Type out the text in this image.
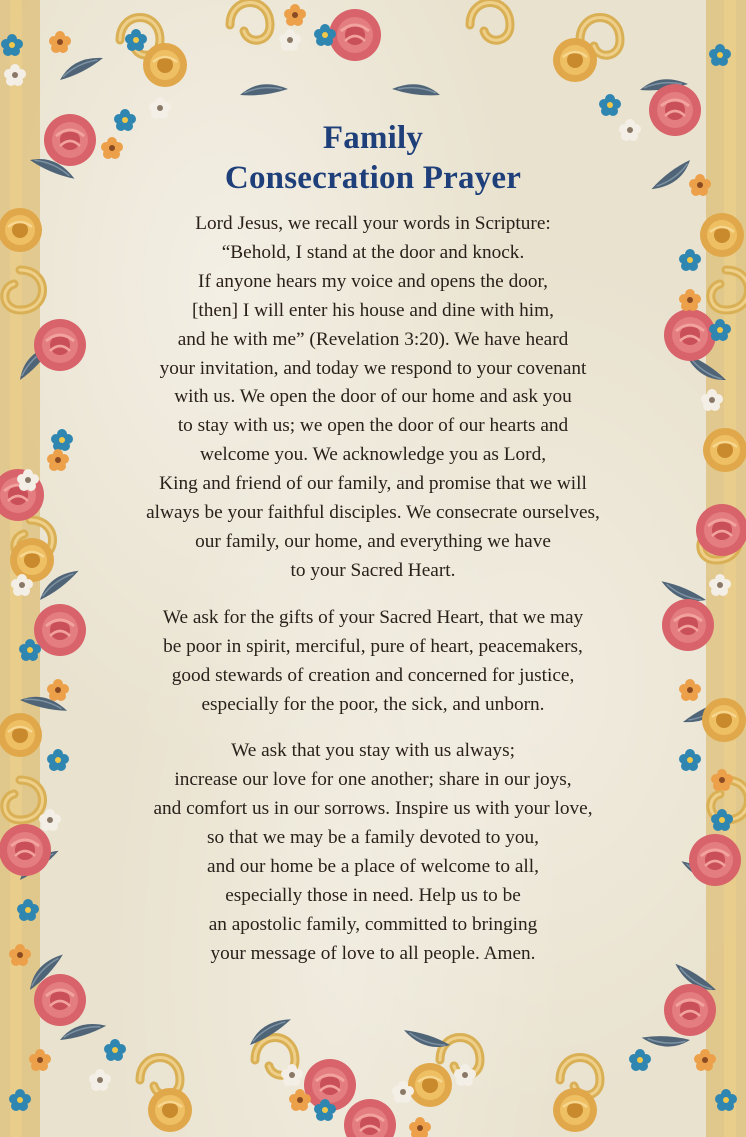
Family
Consecration Prayer

Lord Jesus, we recall your words in Scripture:
“Behold, I stand at the door and knock.
If anyone hears my voice and opens the door,
[then] I will enter his house and dine with him,
and he with me” (Revelation 3:20). We have heard
your invitation, and today we respond to your covenant
with us. We open the door of our home and ask you
to stay with us; we open the door of our hearts and
welcome you. We acknowledge you as Lord,
King and friend of our family, and promise that we will
always be your faithful disciples. We consecrate ourselves,
our family, our home, and everything we have
to your Sacred Heart.

We ask for the gifts of your Sacred Heart, that we may
be poor in spirit, merciful, pure of heart, peacemakers,
good stewards of creation and concerned for justice,
especially for the poor, the sick, and unborn.

We ask that you stay with us always;
increase our love for one another; share in our joys,
and comfort us in our sorrows. Inspire us with your love,
so that we may be a family devoted to you,
and our home be a place of welcome to all,
especially those in need. Help us to be
an apostolic family, committed to bringing
your message of love to all people. Amen.
